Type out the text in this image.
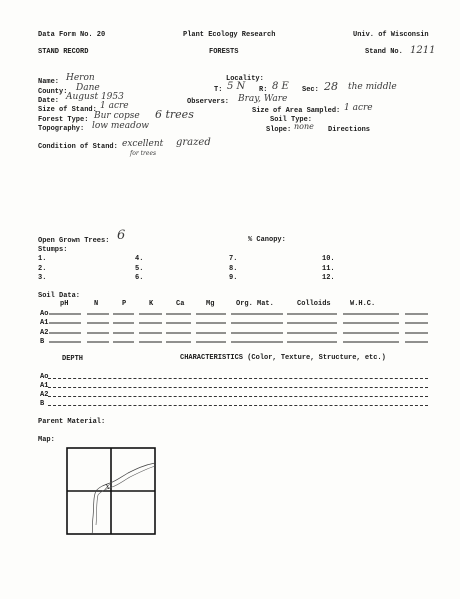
Data Form No. 20	Plant Ecology Research	Univ. of Wisconsin
STAND RECORD	FORESTS	Stand No. 1211
Name: Heron
County: Dane
Date: August 1953
Size of Stand: 1 acre
Forest Type: Bur copse 6 trees
Topography: low meadow
Condition of Stand: excellent grazed
for trees
Locality:
T: 5 N R: 8 E Sec: 28 the middle
Observers: Bray, Ware
Size of Area Sampled: 1 acre
Soil Type:
Slope: none Directions
Open Grown Trees: 6	% Canopy:
Stumps:
1.
2.
3.
4.
5.
6.
7.
8.
9.
10.
11.
12.
Soil Data:
pH	N	P	K	Ca	Mg	Org. Mat.	Colloids	W.H.C.
Ao
A1
A2
B
DEPTH	CHARACTERISTICS (Color, Texture, Structure, etc.)
Ao
A1
A2
B
Parent Material:
Map:
x
